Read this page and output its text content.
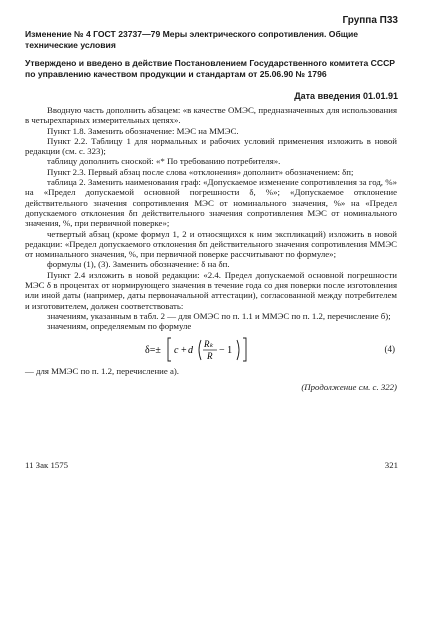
Группа П33
Изменение № 4 ГОСТ 23737—79 Меры электрического сопротивления. Общие технические условия
Утверждено и введено в действие Постановлением Государственного комитета СССР по управлению качеством продукции и стандартам от 25.06.90 № 1796
Дата введения 01.01.91

Вводную часть дополнить абзацем: «в качестве ОМЭС, предназначенных для использования в четырехпарных измерительных цепях».

Пункт 1.8. Заменить обозначение: МЭС на ММЭС.

Пункт 2.2. Таблицу 1 для нормальных и рабочих условий применения изложить в новой редакции (см. с. 323);

таблицу дополнить сноской: «* По требованию потребителя».

Пункт 2.3. Первый абзац после слова «отклонения» дополнит» обозначением: δп;

таблица 2. Заменить наименования граф: «Допускаемое изменение сопротивления за год, %» на «Предел допускаемой основной погрешности δ, %»; «Допускаемое отклонение действительного значения сопротивления МЭС от номинального значения, %» на «Предел допускаемого отклонения δп действительного значения сопротивления МЭС от номинального значения, %, при первичной поверке»;

четвертый абзац (кроме формул 1, 2 и относящихся к ним экспликаций) изложить в новой редакции: «Предел допускаемого отклонения δп действительного значения сопротивления ММЭС от номинального значения, %, при первичной поверке рассчитывают по формуле»;

формулы (1), (3). Заменить обозначение: δ на δп.

Пункт 2.4 изложить в новой редакции: «2.4. Предел допускаемой основной погрешности МЭС δ в процентах от нормирующего значения в течение года со дня поверки после изготовления или иной даты (например, даты первоначальной аттестации), согласованной между потребителем и изготовителем, должен соответствовать:

значениям, указанным в табл. 2 — для ОМЭС по п. 1.1 и ММЭС по п. 1.2, перечисление б);

значениям, определяемым по формуле

δ=± c + d
Rₖ
R − 1	(4)

— для ММЭС по п. 1.2, перечисление а).

(Продолжение см. с. 322)
11 Зак 1575	321
